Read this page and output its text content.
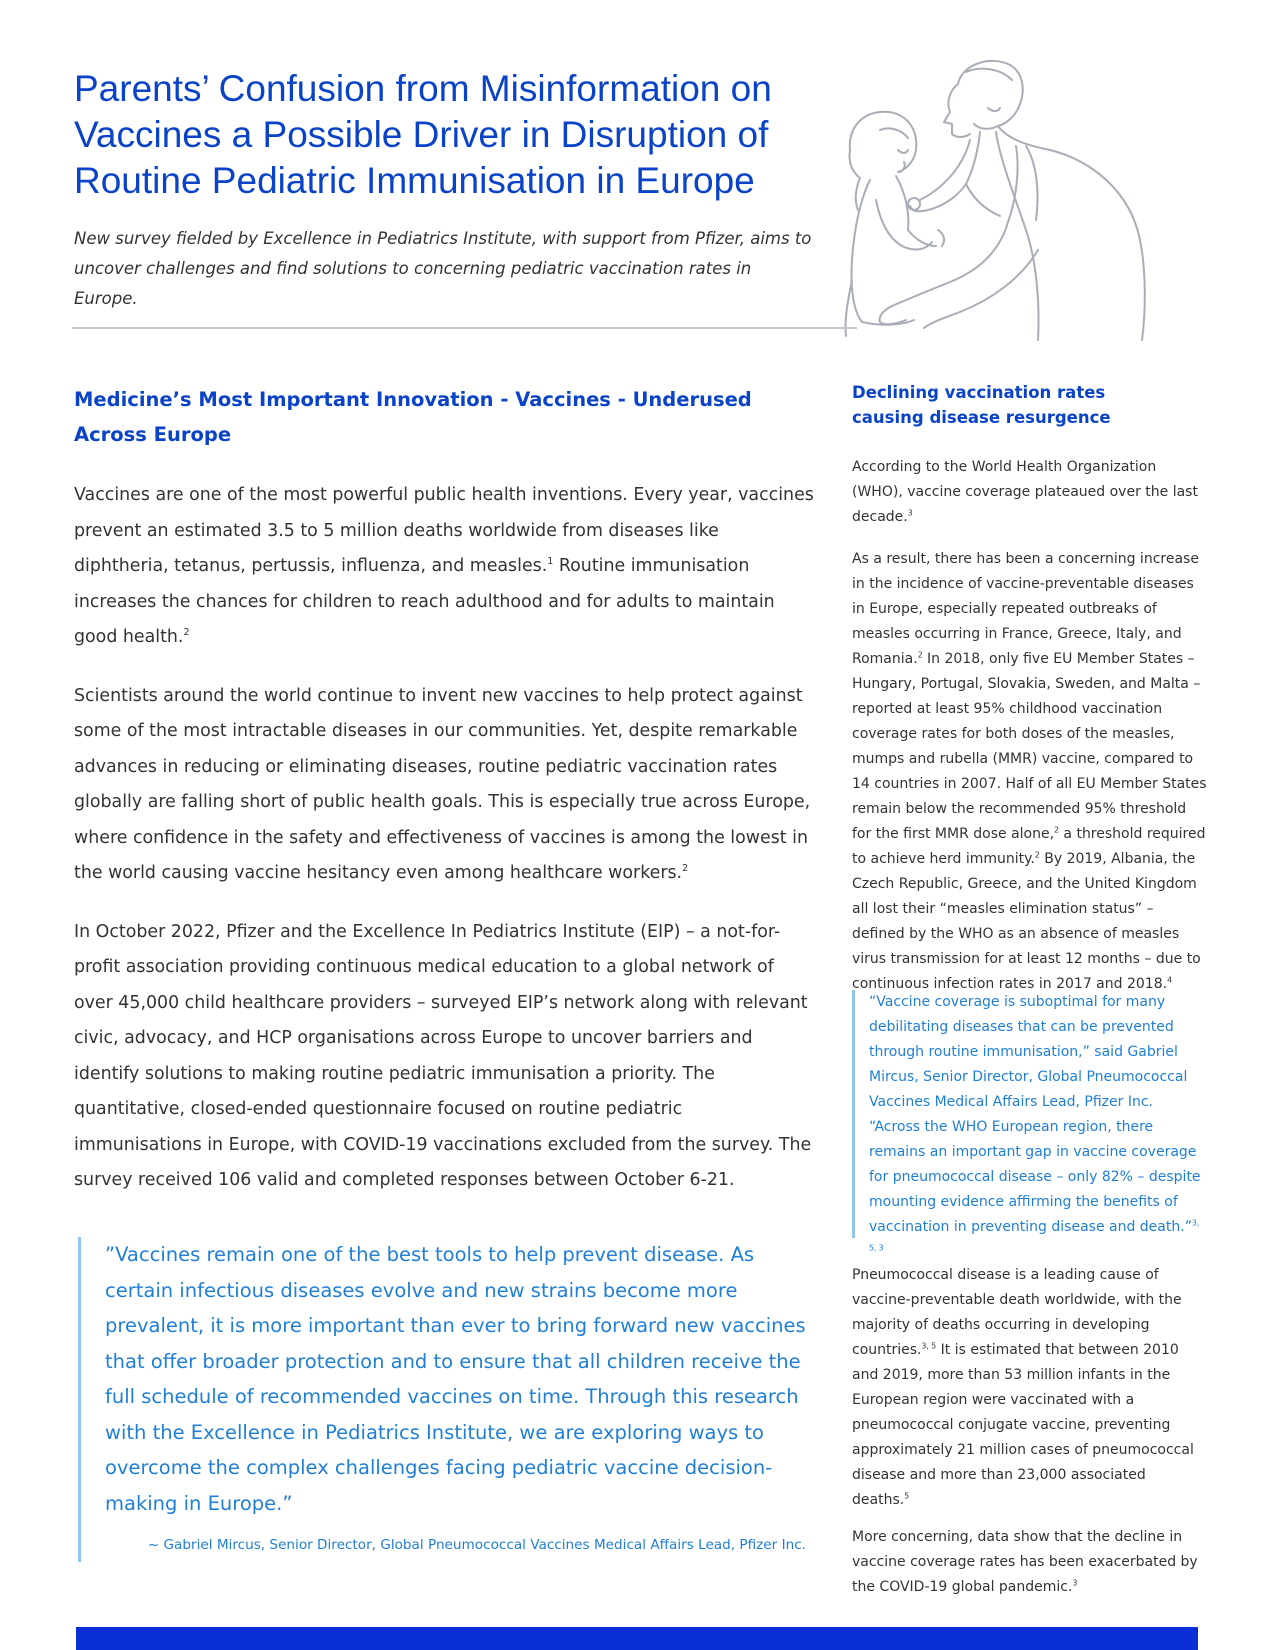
Parents’ Confusion from Misinformation on Vaccines a Possible Driver in Disruption of Routine Pediatric Immunisation in Europe

New survey fielded by Excellence in Pediatrics Institute, with support from Pfizer, aims to uncover challenges and find solutions to concerning pediatric vaccination rates in Europe.

Medicine’s Most Important Innovation - Vaccines - Underused Across Europe

Vaccines are one of the most powerful public health inventions. Every year, vaccines prevent an estimated 3.5 to 5 million deaths worldwide from diseases like diphtheria, tetanus, pertussis, influenza, and measles.$^1$ Routine immunisation increases the chances for children to reach adulthood and for adults to maintain good health.$^2$

Scientists around the world continue to invent new vaccines to help protect against some of the most intractable diseases in our communities. Yet, despite remarkable advances in reducing or eliminating diseases, routine pediatric vaccination rates globally are falling short of public health goals. This is especially true across Europe, where confidence in the safety and effectiveness of vaccines is among the lowest in the world causing vaccine hesitancy even among healthcare workers.$^2$

In October 2022, Pfizer and the Excellence In Pediatrics Institute (EIP) – a not-for-profit association providing continuous medical education to a global network of over 45,000 child healthcare providers – surveyed EIP’s network along with relevant civic, advocacy, and HCP organisations across Europe to uncover barriers and identify solutions to making routine pediatric immunisation a priority. The quantitative, closed-ended questionnaire focused on routine pediatric immunisations in Europe, with COVID-19 vaccinations excluded from the survey. The survey received 106 valid and completed responses between October 6-21.

”Vaccines remain one of the best tools to help prevent disease. As certain infectious diseases evolve and new strains become more prevalent, it is more important than ever to bring forward new vaccines that offer broader protection and to ensure that all children receive the full schedule of recommended vaccines on time. Through this research with the Excellence in Pediatrics Institute, we are exploring ways to overcome the complex challenges facing pediatric vaccine decision-making in Europe.”

~ Gabriel Mircus, Senior Director, Global Pneumococcal Vaccines Medical Affairs Lead, Pfizer Inc.

Declining vaccination rates causing disease resurgence

According to the World Health Organization (WHO), vaccine coverage plateaued over the last decade.$^3$

As a result, there has been a concerning increase in the incidence of vaccine-preventable diseases in Europe, especially repeated outbreaks of measles occurring in France, Greece, Italy, and Romania.$^2$ In 2018, only five EU Member States – Hungary, Portugal, Slovakia, Sweden, and Malta – reported at least 95% childhood vaccination coverage rates for both doses of the measles, mumps and rubella (MMR) vaccine, compared to 14 countries in 2007. Half of all EU Member States remain below the recommended 95% threshold for the first MMR dose alone,$^2$ a threshold required to achieve herd immunity.$^2$ By 2019, Albania, the Czech Republic, Greece, and the United Kingdom all lost their “measles elimination status” – defined by the WHO as an absence of measles virus transmission for at least 12 months – due to continuous infection rates in 2017 and 2018.$^4$

“Vaccine coverage is suboptimal for many debilitating diseases that can be prevented through routine immunisation,” said Gabriel Mircus, Senior Director, Global Pneumococcal Vaccines Medical Affairs Lead, Pfizer Inc. “Across the WHO European region, there remains an important gap in vaccine coverage for pneumococcal disease – only 82% – despite mounting evidence affirming the benefits of vaccination in preventing disease and death.”$^{3, 5, 3}$

Pneumococcal disease is a leading cause of vaccine-preventable death worldwide, with the majority of deaths occurring in developing countries.$^{3, 5}$ It is estimated that between 2010 and 2019, more than 53 million infants in the European region were vaccinated with a pneumococcal conjugate vaccine, preventing approximately 21 million cases of pneumococcal disease and more than 23,000 associated deaths.$^5$

More concerning, data show that the decline in vaccine coverage rates has been exacerbated by the COVID-19 global pandemic.$^3$
